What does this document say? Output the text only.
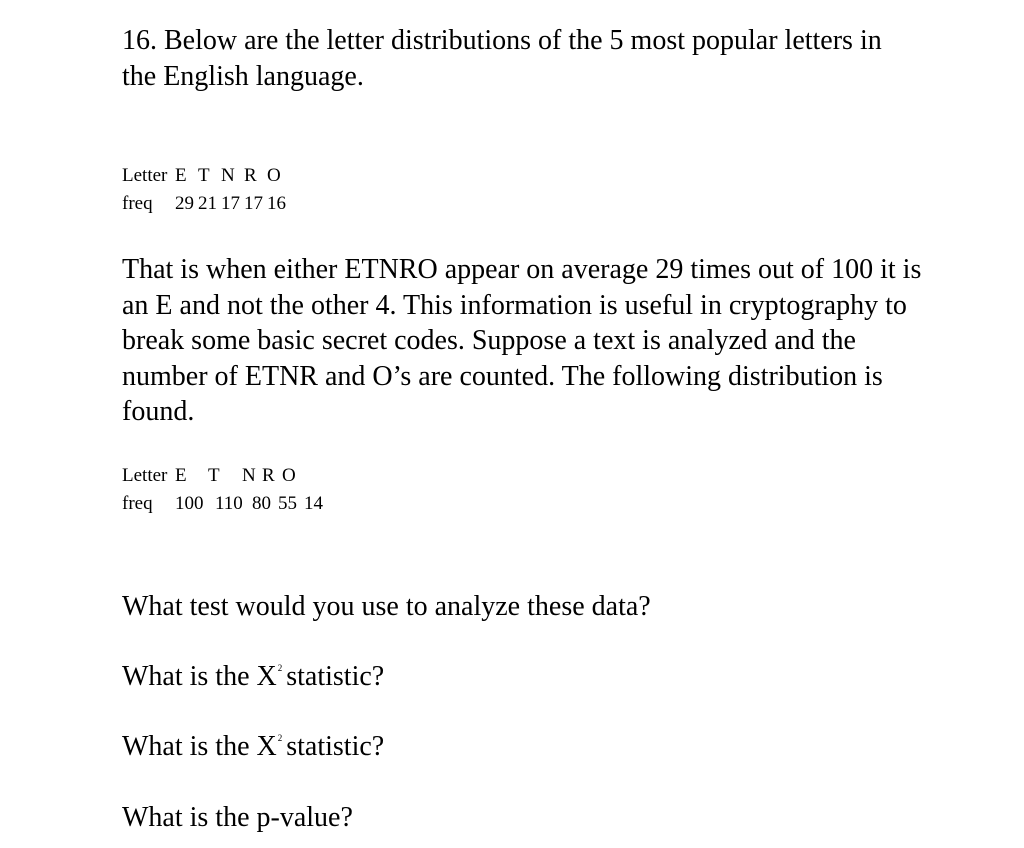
16. Below are the letter distributions of the 5 most popular letters in the English language.

Letter E T N R O
freq	29 21 17 17 16

That is when either ETNRO appear on average 29 times out of 100 it is an E and not the other 4. This information is useful in cryptography to break some basic secret codes. Suppose a text is analyzed and the number of ETNR and O’s are counted. The following distribution is found.

Letter E	T	N R O
freq	100 110 80 55 14
What test would you use to analyze these data?
What is the $X^2$ statistic?
What is the $X^2$ statistic?
What is the p-value?
